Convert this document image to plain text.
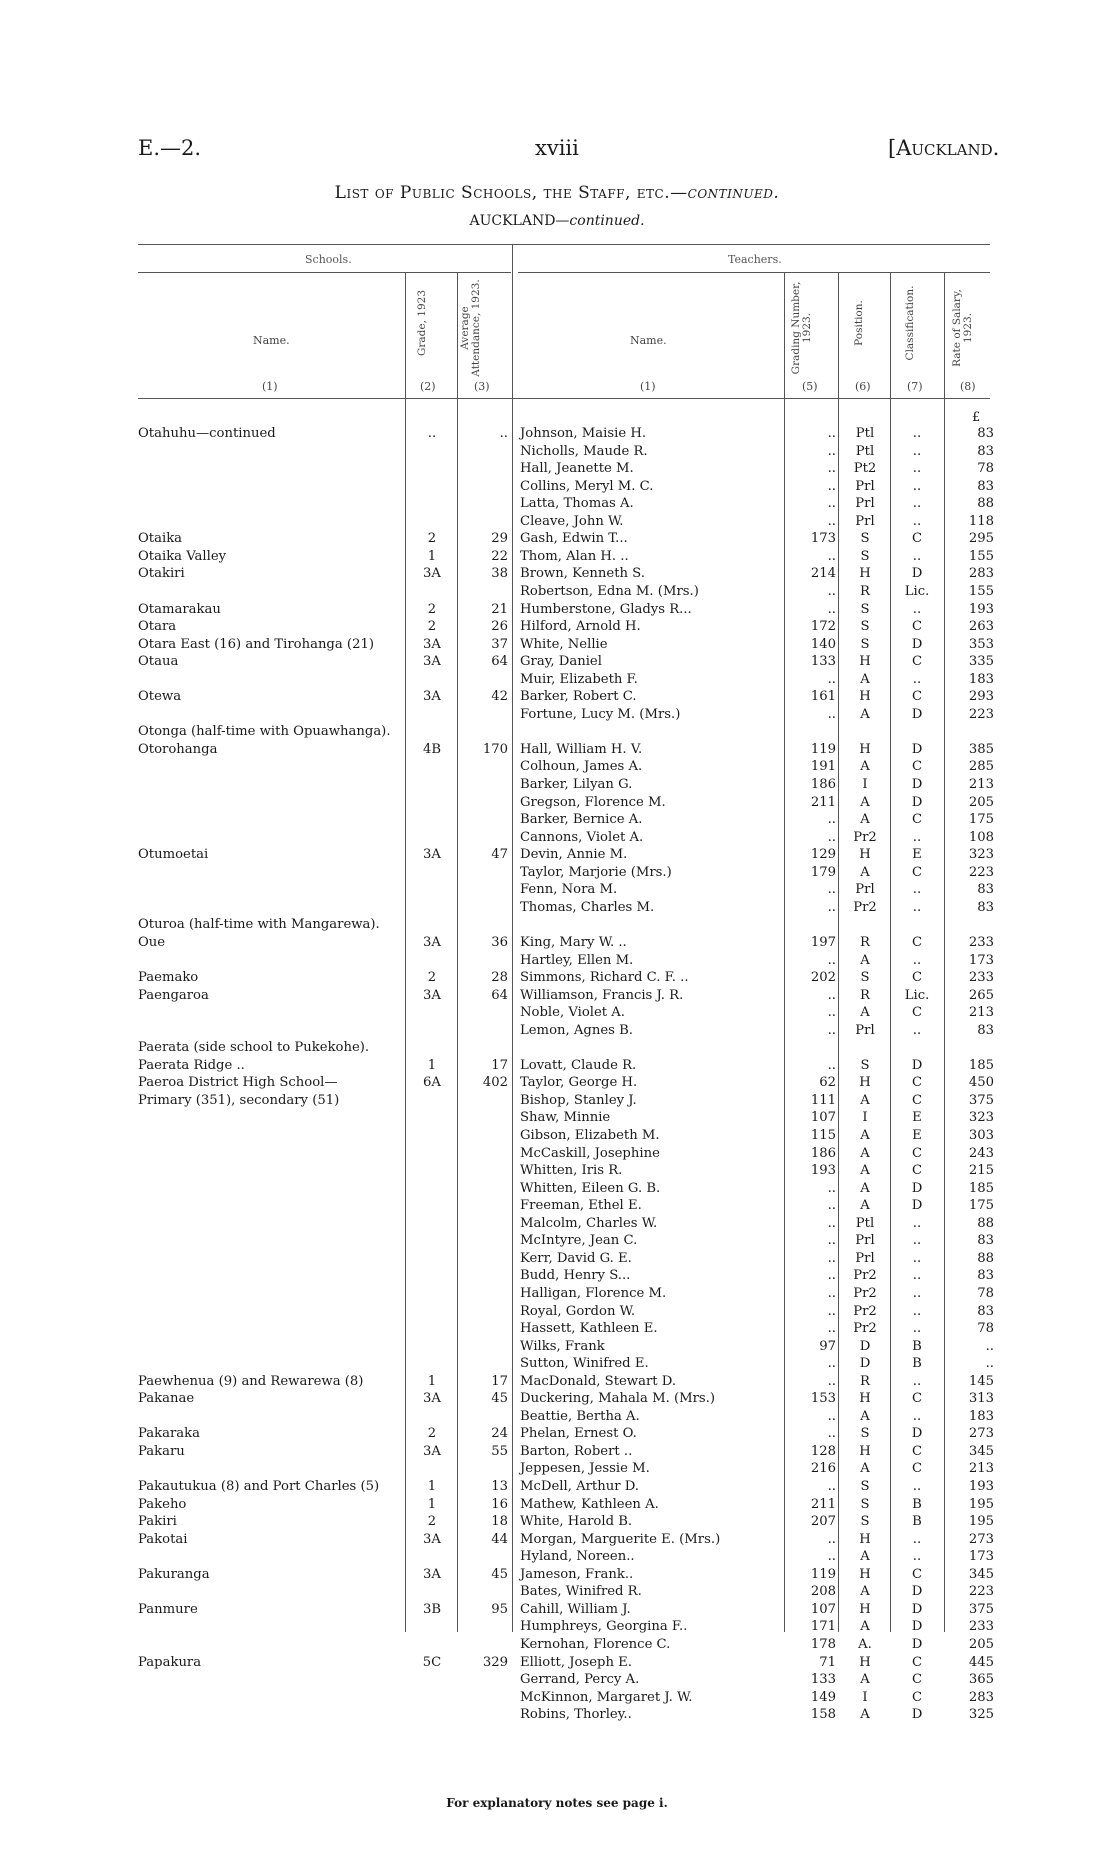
E.—2.	xviii	[Auckland.
List of Public Schools, the Staff, etc.—continued.
AUCKLAND—continued.
Schools.	Teachers.
Name.	Name.
Grade, 1923	Average Attendance, 1923.	Grading Number, 1923.	Position.	Classification.	Rate of Salary, 1923.
(1)	(2)	(3)	(1)	(5)	(6)	(7)	(8)
£
Otahuhu—continued	..	.. Johnson, Maisie H.	..	Ptl	..	83
Nicholls, Maude R.	..	Ptl	..	83
Hall, Jeanette M.	..	Pt2	..	78
Collins, Meryl M. C.	..	Prl	..	83
Latta, Thomas A.	..	Prl	..	88
Cleave, John W.	..	Prl	..	118
Otaika	2	29 Gash, Edwin T...	173	S	C	295
Otaika Valley	1	22 Thom, Alan H. ..	..	S	..	155
Otakiri	3A	38 Brown, Kenneth S.	214	H	D	283
Robertson, Edna M. (Mrs.)	..	R	Lic.	155
Otamarakau	2	21 Humberstone, Gladys R...	..	S	..	193
Otara	2	26 Hilford, Arnold H.	172	S	C	263
Otara East (16) and Tirohanga (21)	3A	37 White, Nellie	140	S	D	353
Otaua	3A	64 Gray, Daniel	133	H	C	335
Muir, Elizabeth F.	..	A	..	183
Otewa	3A	42 Barker, Robert C.	161	H	C	293
Fortune, Lucy M. (Mrs.)	..	A	D	223
Otonga (half-time with Opuawhanga).
Otorohanga	4B	170 Hall, William H. V.	119	H	D	385
Colhoun, James A.	191	A	C	285
Barker, Lilyan G.	186	I	D	213
Gregson, Florence M.	211	A	D	205
Barker, Bernice A.	..	A	C	175
Cannons, Violet A.	..	Pr2	..	108
Otumoetai	3A	47 Devin, Annie M.	129	H	E	323
Taylor, Marjorie (Mrs.)	179	A	C	223
Fenn, Nora M.	..	Prl	..	83
Thomas, Charles M.	..	Pr2	..	83
Oturoa (half-time with Mangarewa).
Oue	3A	36 King, Mary W. ..	197	R	C	233
Hartley, Ellen M.	..	A	..	173
Paemako	2	28 Simmons, Richard C. F. ..	202	S	C	233
Paengaroa	3A	64 Williamson, Francis J. R.	..	R	Lic.	265
Noble, Violet A.	..	A	C	213
Lemon, Agnes B.	..	Prl	..	83
Paerata (side school to Pukekohe).
Paerata Ridge ..	1	17 Lovatt, Claude R.	..	S	D	185
Paeroa District High School—	6A	402 Taylor, George H.	62	H	C	450
Primary (351), secondary (51)	Bishop, Stanley J.	111	A	C	375
Shaw, Minnie	107	I	E	323
Gibson, Elizabeth M.	115	A	E	303
McCaskill, Josephine	186	A	C	243
Whitten, Iris R.	193	A	C	215
Whitten, Eileen G. B.	..	A	D	185
Freeman, Ethel E.	..	A	D	175
Malcolm, Charles W.	..	Ptl	..	88
McIntyre, Jean C.	..	Prl	..	83
Kerr, David G. E.	..	Prl	..	88
Budd, Henry S...	..	Pr2	..	83
Halligan, Florence M.	..	Pr2	..	78
Royal, Gordon W.	..	Pr2	..	83
Hassett, Kathleen E.	..	Pr2	..	78
Wilks, Frank	97	D	B	..
Sutton, Winifred E.	..	D	B	..
Paewhenua (9) and Rewarewa (8)	1	17 MacDonald, Stewart D.	..	R	..	145
Pakanae	3A	45 Duckering, Mahala M. (Mrs.)	153	H	C	313
Beattie, Bertha A.	..	A	..	183
Pakaraka	2	24 Phelan, Ernest O.	..	S	D	273
Pakaru	3A	55 Barton, Robert ..	128	H	C	345
Jeppesen, Jessie M.	216	A	C	213
Pakautukua (8) and Port Charles (5)	1	13 McDell, Arthur D.	..	S	..	193
Pakeho	1	16 Mathew, Kathleen A.	211	S	B	195
Pakiri	2	18 White, Harold B.	207	S	B	195
Pakotai	3A	44 Morgan, Marguerite E. (Mrs.)	..	H	..	273
Hyland, Noreen..	..	A	..	173
Pakuranga	3A	45 Jameson, Frank..	119	H	C	345
Bates, Winifred R.	208	A	D	223
Panmure	3B	95 Cahill, William J.	107	H	D	375
Humphreys, Georgina F..	171	A	D	233
Kernohan, Florence C.	178	A.	D	205
Papakura	5C	329 Elliott, Joseph E.	71	H	C	445
Gerrand, Percy A.	133	A	C	365
McKinnon, Margaret J. W.	149	I	C	283
Robins, Thorley..	158	A	D	325
For explanatory notes see page i.
